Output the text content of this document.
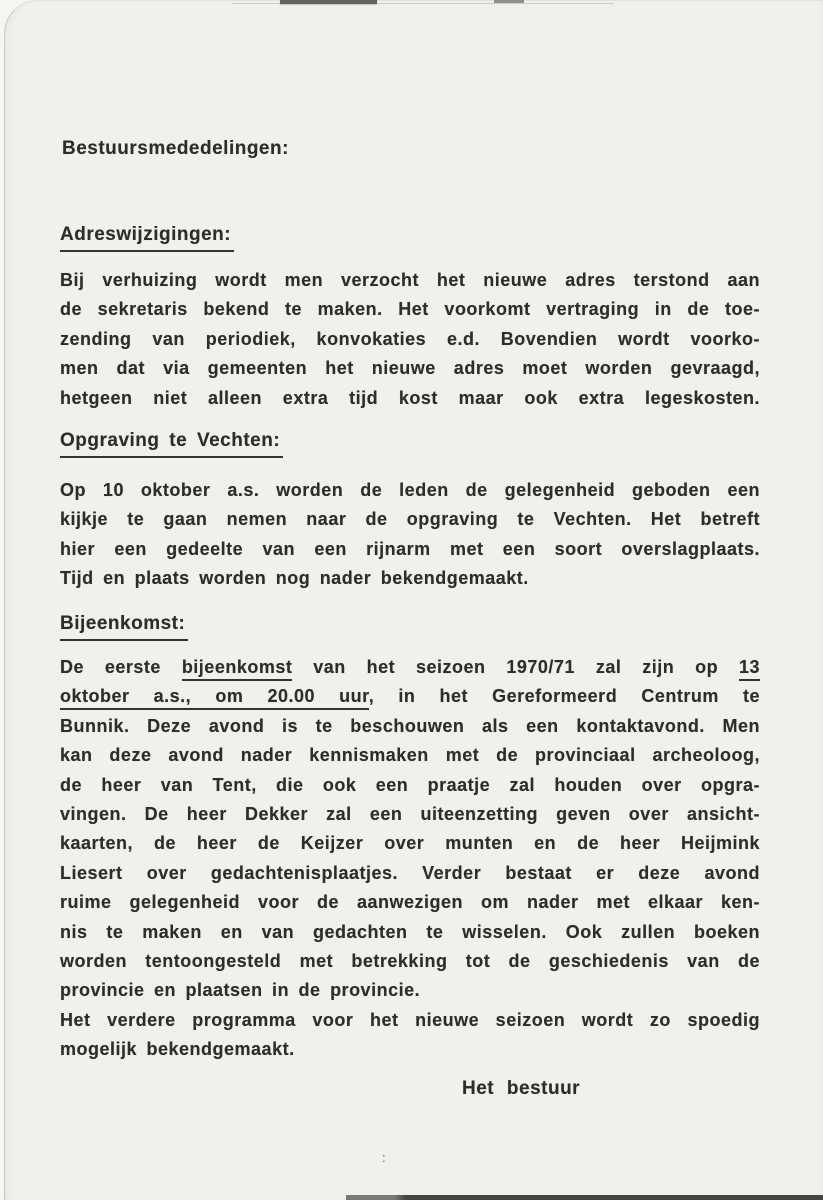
Bestuursmededelingen:
Adreswijzigingen:
Bij verhuizing wordt men verzocht het nieuwe adres terstond aan
de sekretaris bekend te maken. Het voorkomt vertraging in de toe-
zending van periodiek, konvokaties e.d. Bovendien wordt voorko-
men dat via gemeenten het nieuwe adres moet worden gevraagd,
hetgeen niet alleen extra tijd kost maar ook extra legeskosten.
Opgraving te Vechten:
Op 10 oktober a.s. worden de leden de gelegenheid geboden een
kijkje te gaan nemen naar de opgraving te Vechten. Het betreft
hier een gedeelte van een rijnarm met een soort overslagplaats.
Tijd en plaats worden nog nader bekendgemaakt.
Bijeenkomst:
De eerste bijeenkomst van het seizoen 1970/71 zal zijn op 13
oktober a.s., om 20.00 uur, in het Gereformeerd Centrum te
Bunnik. Deze avond is te beschouwen als een kontaktavond. Men
kan deze avond nader kennismaken met de provinciaal archeoloog,
de heer van Tent, die ook een praatje zal houden over opgra-
vingen. De heer Dekker zal een uiteenzetting geven over ansicht-
kaarten, de heer de Keijzer over munten en de heer Heijmink
Liesert over gedachtenisplaatjes. Verder bestaat er deze avond
ruime gelegenheid voor de aanwezigen om nader met elkaar ken-
nis te maken en van gedachten te wisselen. Ook zullen boeken
worden tentoongesteld met betrekking tot de geschiedenis van de
provincie en plaatsen in de provincie.
Het verdere programma voor het nieuwe seizoen wordt zo spoedig
mogelijk bekendgemaakt.
Het bestuur
:
